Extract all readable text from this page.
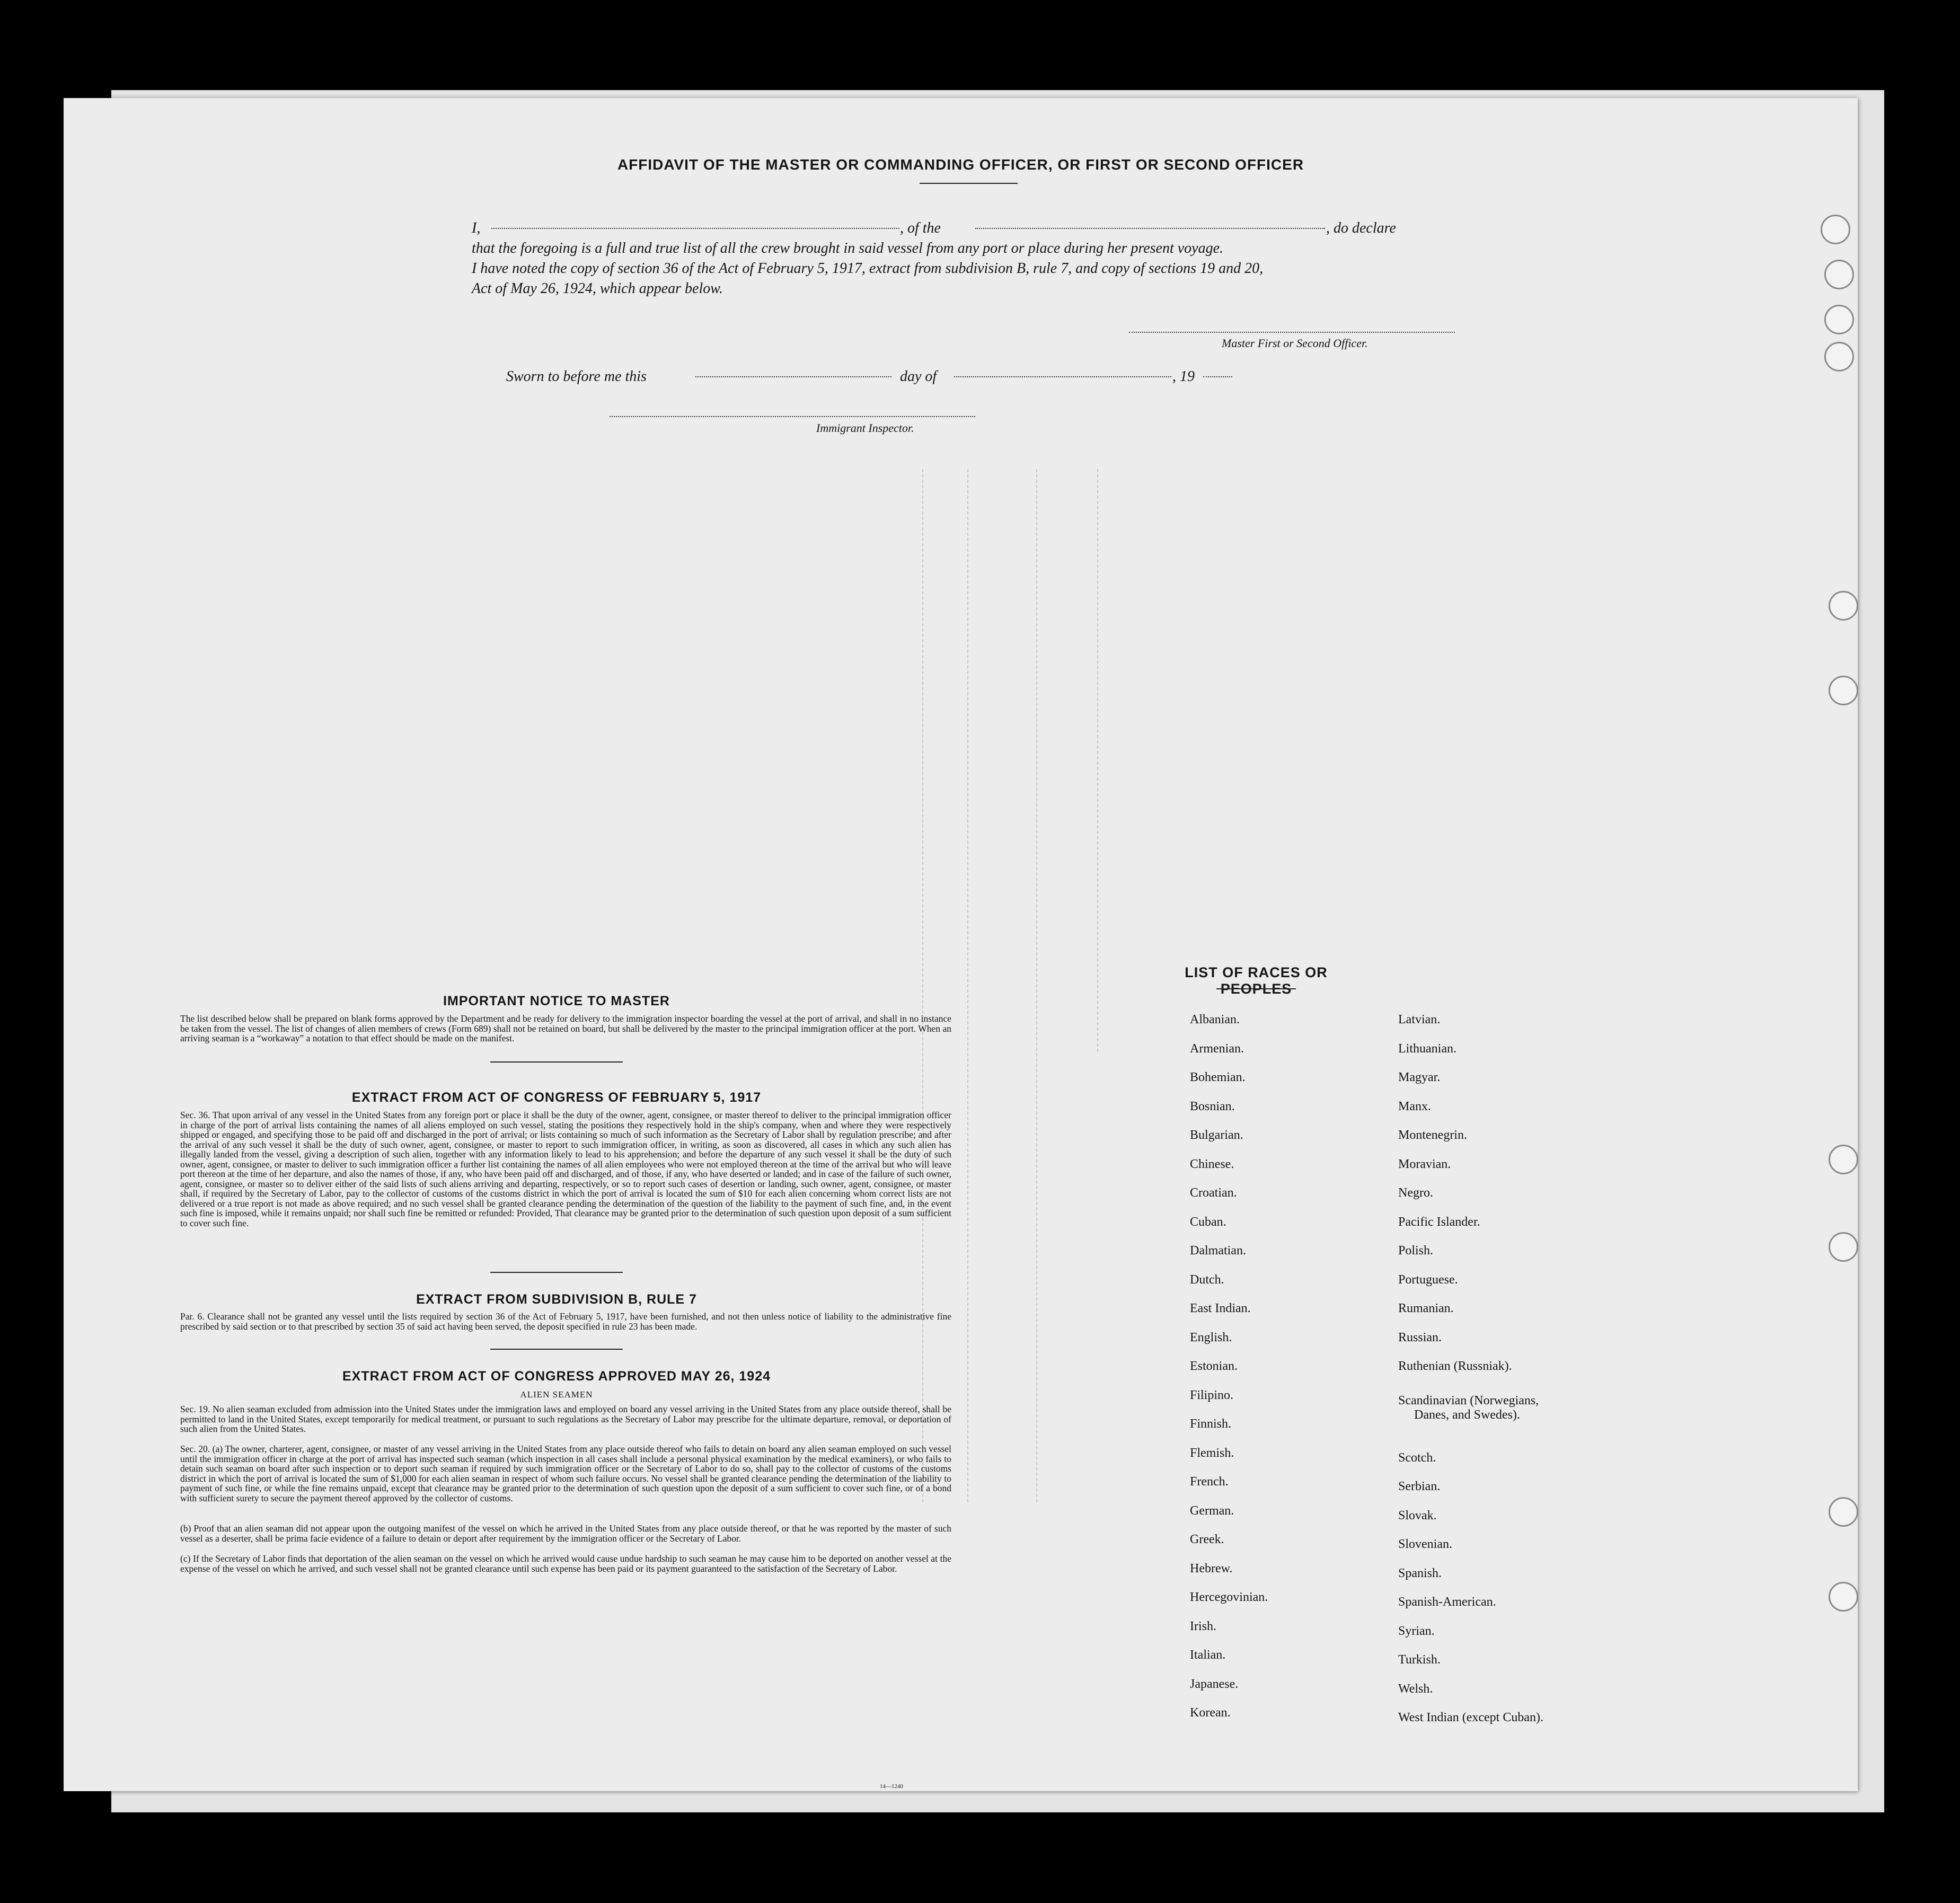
AFFIDAVIT OF THE MASTER OR COMMANDING OFFICER, OR FIRST OR SECOND OFFICER
I,	, of the	, do declare
that the foregoing is a full and true list of all the crew brought in said vessel from any port or place during her present voyage.
I have noted the copy of section 36 of the Act of February 5, 1917, extract from subdivision B, rule 7, and copy of sections 19 and 20,
Act of May 26, 1924, which appear below.
Master First or Second Officer.
Sworn to before me this	day of	, 19
Immigrant Inspector.
IMPORTANT NOTICE TO MASTER
The list described below shall be prepared on blank forms approved by the Department and be ready for delivery to the immigration inspector boarding the vessel at the port of arrival, and shall in no instance be taken from the vessel. The list of changes of alien members of crews (Form 689) shall not be retained on board, but shall be delivered by the master to the principal immigration officer at the port. When an arriving seaman is a “workaway” a notation to that effect should be made on the manifest.
EXTRACT FROM ACT OF CONGRESS OF FEBRUARY 5, 1917
Sec. 36. That upon arrival of any vessel in the United States from any foreign port or place it shall be the duty of the owner, agent, consignee, or master thereof to deliver to the principal immigration officer in charge of the port of arrival lists containing the names of all aliens employed on such vessel, stating the positions they respectively hold in the ship's company, when and where they were respectively shipped or engaged, and specifying those to be paid off and discharged in the port of arrival; or lists containing so much of such information as the Secretary of Labor shall by regulation prescribe; and after the arrival of any such vessel it shall be the duty of such owner, agent, consignee, or master to report to such immigration officer, in writing, as soon as discovered, all cases in which any such alien has illegally landed from the vessel, giving a description of such alien, together with any information likely to lead to his apprehension; and before the departure of any such vessel it shall be the duty of such owner, agent, consignee, or master to deliver to such immigration officer a further list containing the names of all alien employees who were not employed thereon at the time of the arrival but who will leave port thereon at the time of her departure, and also the names of those, if any, who have been paid off and discharged, and of those, if any, who have deserted or landed; and in case of the failure of such owner, agent, consignee, or master so to deliver either of the said lists of such aliens arriving and departing, respectively, or so to report such cases of desertion or landing, such owner, agent, consignee, or master shall, if required by the Secretary of Labor, pay to the collector of customs of the customs district in which the port of arrival is located the sum of $10 for each alien concerning whom correct lists are not delivered or a true report is not made as above required; and no such vessel shall be granted clearance pending the determination of the question of the liability to the payment of such fine, and, in the event such fine is imposed, while it remains unpaid; nor shall such fine be remitted or refunded: Provided, That clearance may be granted prior to the determination of such question upon deposit of a sum sufficient to cover such fine.
EXTRACT FROM SUBDIVISION B, RULE 7
Par. 6. Clearance shall not be granted any vessel until the lists required by section 36 of the Act of February 5, 1917, have been furnished, and not then unless notice of liability to the administrative fine prescribed by said section or to that prescribed by section 35 of said act having been served, the deposit specified in rule 23 has been made.
EXTRACT FROM ACT OF CONGRESS APPROVED MAY 26, 1924
ALIEN SEAMEN
Sec. 19. No alien seaman excluded from admission into the United States under the immigration laws and employed on board any vessel arriving in the United States from any place outside thereof, shall be permitted to land in the United States, except temporarily for medical treatment, or pursuant to such regulations as the Secretary of Labor may prescribe for the ultimate departure, removal, or deportation of such alien from the United States.
Sec. 20. (a) The owner, charterer, agent, consignee, or master of any vessel arriving in the United States from any place outside thereof who fails to detain on board any alien seaman employed on such vessel until the immigration officer in charge at the port of arrival has inspected such seaman (which inspection in all cases shall include a personal physical examination by the medical examiners), or who fails to detain such seaman on board after such inspection or to deport such seaman if required by such immigration officer or the Secretary of Labor to do so, shall pay to the collector of customs of the customs district in which the port of arrival is located the sum of $1,000 for each alien seaman in respect of whom such failure occurs. No vessel shall be granted clearance pending the determination of the liability to payment of such fine, or while the fine remains unpaid, except that clearance may be granted prior to the determination of such question upon the deposit of a sum sufficient to cover such fine, or of a bond with sufficient surety to secure the payment thereof approved by the collector of customs.
(b) Proof that an alien seaman did not appear upon the outgoing manifest of the vessel on which he arrived in the United States from any place outside thereof, or that he was reported by the master of such vessel as a deserter, shall be prima facie evidence of a failure to detain or deport after requirement by the immigration officer or the Secretary of Labor.
(c) If the Secretary of Labor finds that deportation of the alien seaman on the vessel on which he arrived would cause undue hardship to such seaman he may cause him to be deported on another vessel at the expense of the vessel on which he arrived, and such vessel shall not be granted clearance until such expense has been paid or its payment guaranteed to the satisfaction of the Secretary of Labor.
14—1240
LIST OF RACES OR PEOPLES
Albanian.
Armenian.
Bohemian.
Bosnian.
Bulgarian.
Chinese.
Croatian.
Cuban.
Dalmatian.
Dutch.
East Indian.
English.
Estonian.
Filipino.
Finnish.
Flemish.
French.
German.
Greek.
Hebrew.
Hercegovinian.
Irish.
Italian.
Japanese.
Korean.
Latvian.
Lithuanian.
Magyar.
Manx.
Montenegrin.
Moravian.
Negro.
Pacific Islander.
Polish.
Portuguese.
Rumanian.
Russian.
Ruthenian (Russniak).
Scandinavian (Norwegians,
Danes, and Swedes).
Scotch.
Serbian.
Slovak.
Slovenian.
Spanish.
Spanish-American.
Syrian.
Turkish.
Welsh.
West Indian (except Cuban).
